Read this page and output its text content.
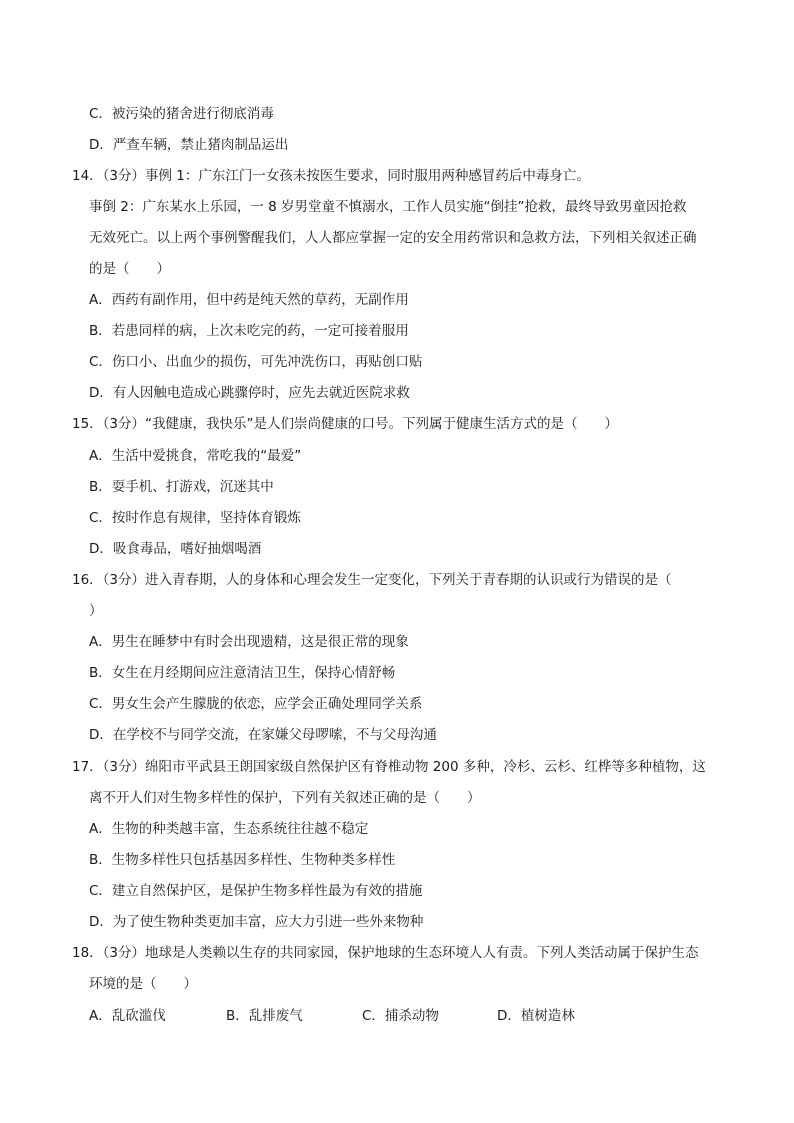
C．被污染的猪舍进行彻底消毒
D．严查车辆，禁止猪肉制品运出
14．（3分）事例 1：广东江门一女孩未按医生要求，同时服用两种感冒药后中毒身亡。
事倒 2：广东某水上乐园，一 8 岁男堂童不慎溺水，工作人员实施“倒挂”抢救，最终导致男童因抢救
无效死亡。以上两个事例警醒我们，人人都应掌握一定的安全用药常识和急救方法，下列相关叙述正确
的是（　　）
A．西药有副作用，但中药是纯天然的草药，无副作用
B．若患同样的病，上次未吃完的药，一定可接着服用
C．伤口小、出血少的损伤，可先冲洗伤口，再贴创口贴
D．有人因触电造成心跳骤停时，应先去就近医院求救
15．（3分）“我健康，我快乐”是人们崇尚健康的口号。下列属于健康生活方式的是（　　）
A．生活中爱挑食，常吃我的“最爱”
B．耍手机、打游戏，沉迷其中
C．按时作息有规律，坚持体育锻炼
D．吸食毒品，嗜好抽烟喝酒
16．（3分）进入青春期，人的身体和心理会发生一定变化，下列关于青春期的认识或行为错误的是（
）
A．男生在睡梦中有时会出现遗精，这是很正常的现象
B．女生在月经期间应注意清洁卫生，保持心情舒畅
C．男女生会产生朦胧的依恋，应学会正确处理同学关系
D．在学校不与同学交流，在家嫌父母啰嗦，不与父母沟通
17．（3分）绵阳市平武县王朗国家级自然保护区有脊椎动物 200 多种，冷杉、云杉、红桦等多种植物，这
离不开人们对生物多样性的保护，下列有关叙述正确的是（　　）
A．生物的种类越丰富，生态系统往往越不稳定
B．生物多样性只包括基因多样性、生物种类多样性
C．建立自然保护区，是保护生物多样性最为有效的措施
D．为了使生物种类更加丰富，应大力引进一些外来物种
18．（3分）地球是人类赖以生存的共同家园，保护地球的生态环境人人有责。下列人类活动属于保护生态
环境的是（　　）
A．乱砍滥伐	B．乱排废气	C．捕杀动物	D．植树造林
